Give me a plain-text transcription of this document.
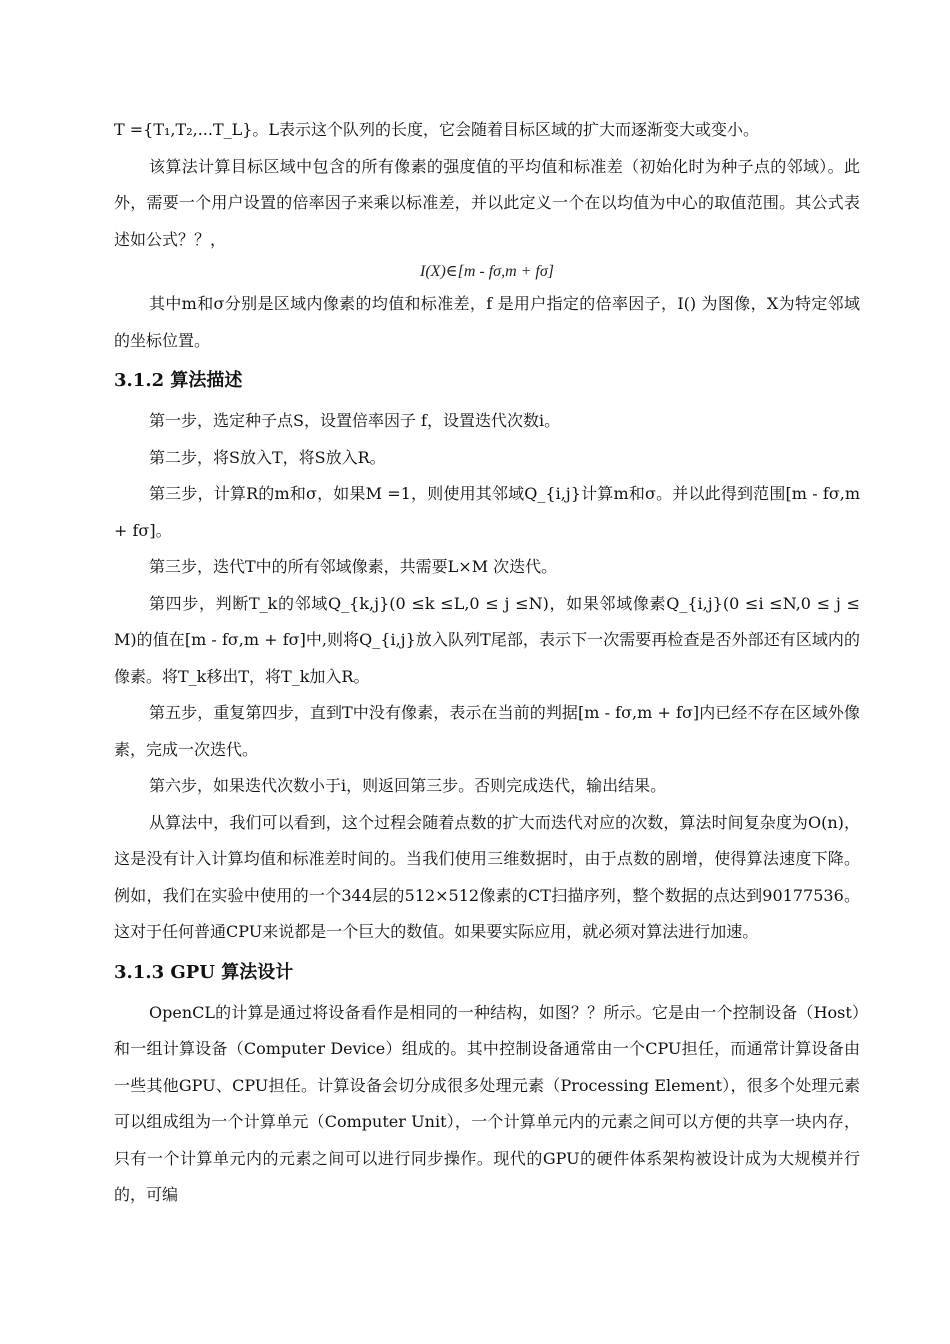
T ={T₁,T₂,...T_L}。L表示这个队列的长度，它会随着目标区域的扩大而逐渐变大或变小。

该算法计算目标区域中包含的所有像素的强度值的平均值和标准差（初始化时为种子点的邻域）。此外，需要一个用户设置的倍率因子来乘以标准差，并以此定义一个在以均值为中心的取值范围。其公式表述如公式？？，

I(X)∈[m - fσ,m + fσ]

其中m和σ分别是区域内像素的均值和标准差，f 是用户指定的倍率因子，I() 为图像，X为特定邻域的坐标位置。

3.1.2 算法描述

第一步，选定种子点S，设置倍率因子 f，设置迭代次数i。

第二步，将S放入T，将S放入R。

第三步，计算R的m和σ，如果M =1，则使用其邻域Q_{i,j}计算m和σ。并以此得到范围[m - fσ,m + fσ]。

第三步，迭代T中的所有邻域像素，共需要L×M 次迭代。

第四步，判断T_k的邻域Q_{k,j}(0 ≤k ≤L,0 ≤ j ≤N)，如果邻域像素Q_{i,j}(0 ≤i ≤N,0 ≤ j ≤M)的值在[m - fσ,m + fσ]中,则将Q_{i,j}放入队列T尾部，表示下一次需要再检查是否外部还有区域内的像素。将T_k移出T，将T_k加入R。

第五步，重复第四步，直到T中没有像素，表示在当前的判据[m - fσ,m + fσ]内已经不存在区域外像素，完成一次迭代。

第六步，如果迭代次数小于i，则返回第三步。否则完成迭代，输出结果。

从算法中，我们可以看到，这个过程会随着点数的扩大而迭代对应的次数，算法时间复杂度为O(n)，这是没有计入计算均值和标准差时间的。当我们使用三维数据时，由于点数的剧增，使得算法速度下降。例如，我们在实验中使用的一个344层的512×512像素的CT扫描序列，整个数据的点达到90177536。这对于任何普通CPU来说都是一个巨大的数值。如果要实际应用，就必须对算法进行加速。

3.1.3 GPU 算法设计

OpenCL的计算是通过将设备看作是相同的一种结构，如图？？所示。它是由一个控制设备（Host）和一组计算设备（Computer Device）组成的。其中控制设备通常由一个CPU担任，而通常计算设备由一些其他GPU、CPU担任。计算设备会切分成很多处理元素（Processing Element），很多个处理元素可以组成组为一个计算单元（Computer Unit），一个计算单元内的元素之间可以方便的共享一块内存，只有一个计算单元内的元素之间可以进行同步操作。现代的GPU的硬件体系架构被设计成为大规模并行的，可编
